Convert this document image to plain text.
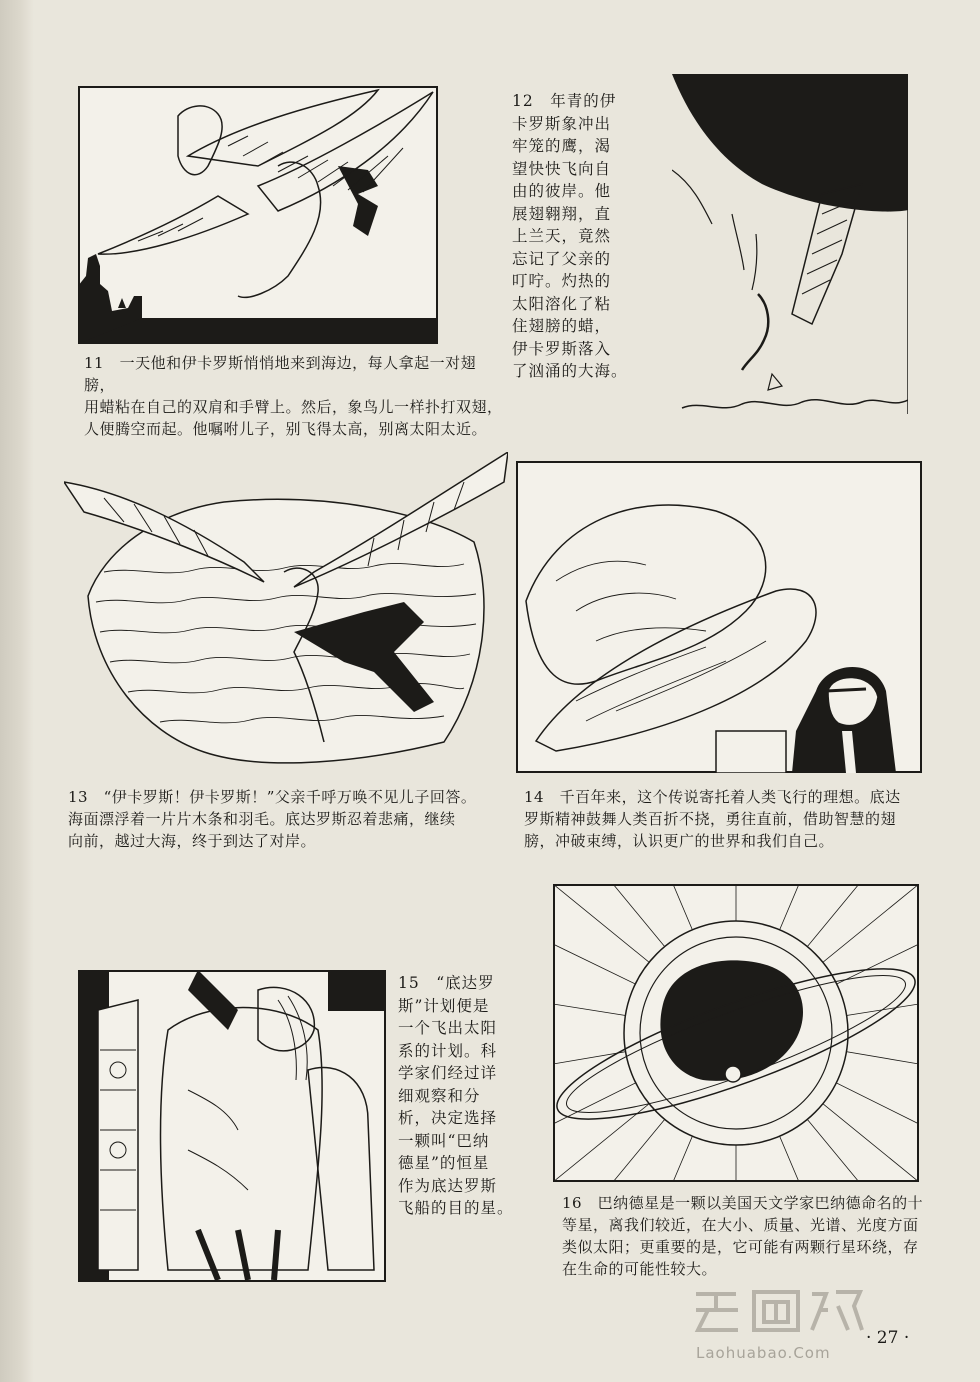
11　一天他和伊卡罗斯悄悄地来到海边，每人拿起一对翅膀，
用蜡粘在自己的双肩和手臂上。然后，象鸟儿一样扑打双翅，
人便腾空而起。他嘱咐儿子，别飞得太高，别离太阳太近。

12　年青的伊
卡罗斯象冲出
牢笼的鹰，渴
望快快飞向自
由的彼岸。他
展翅翱翔，直
上兰天，竟然
忘记了父亲的
叮咛。灼热的
太阳溶化了粘
住翅膀的蜡，
伊卡罗斯落入
了汹涌的大海。

13　“伊卡罗斯！伊卡罗斯！”父亲千呼万唤不见儿子回答。
海面漂浮着一片片木条和羽毛。底达罗斯忍着悲痛，继续
向前，越过大海，终于到达了对岸。

14　千百年来，这个传说寄托着人类飞行的理想。底达
罗斯精神鼓舞人类百折不挠，勇往直前，借助智慧的翅
膀，冲破束缚，认识更广的世界和我们自己。

15　“底达罗
斯”计划便是
一个飞出太阳
系的计划。科
学家们经过详
细观察和分
析，决定选择
一颗叫“巴纳
德星”的恒星
作为底达罗斯
飞船的目的星。	16　巴纳德星是一颗以美国天文学家巴纳德命名的十
等星，离我们较近，在大小、质量、光谱、光度方面
类似太阳；更重要的是，它可能有两颗行星环绕，存
在生命的可能性较大。

· 27 ·
Laohuabao.Com
